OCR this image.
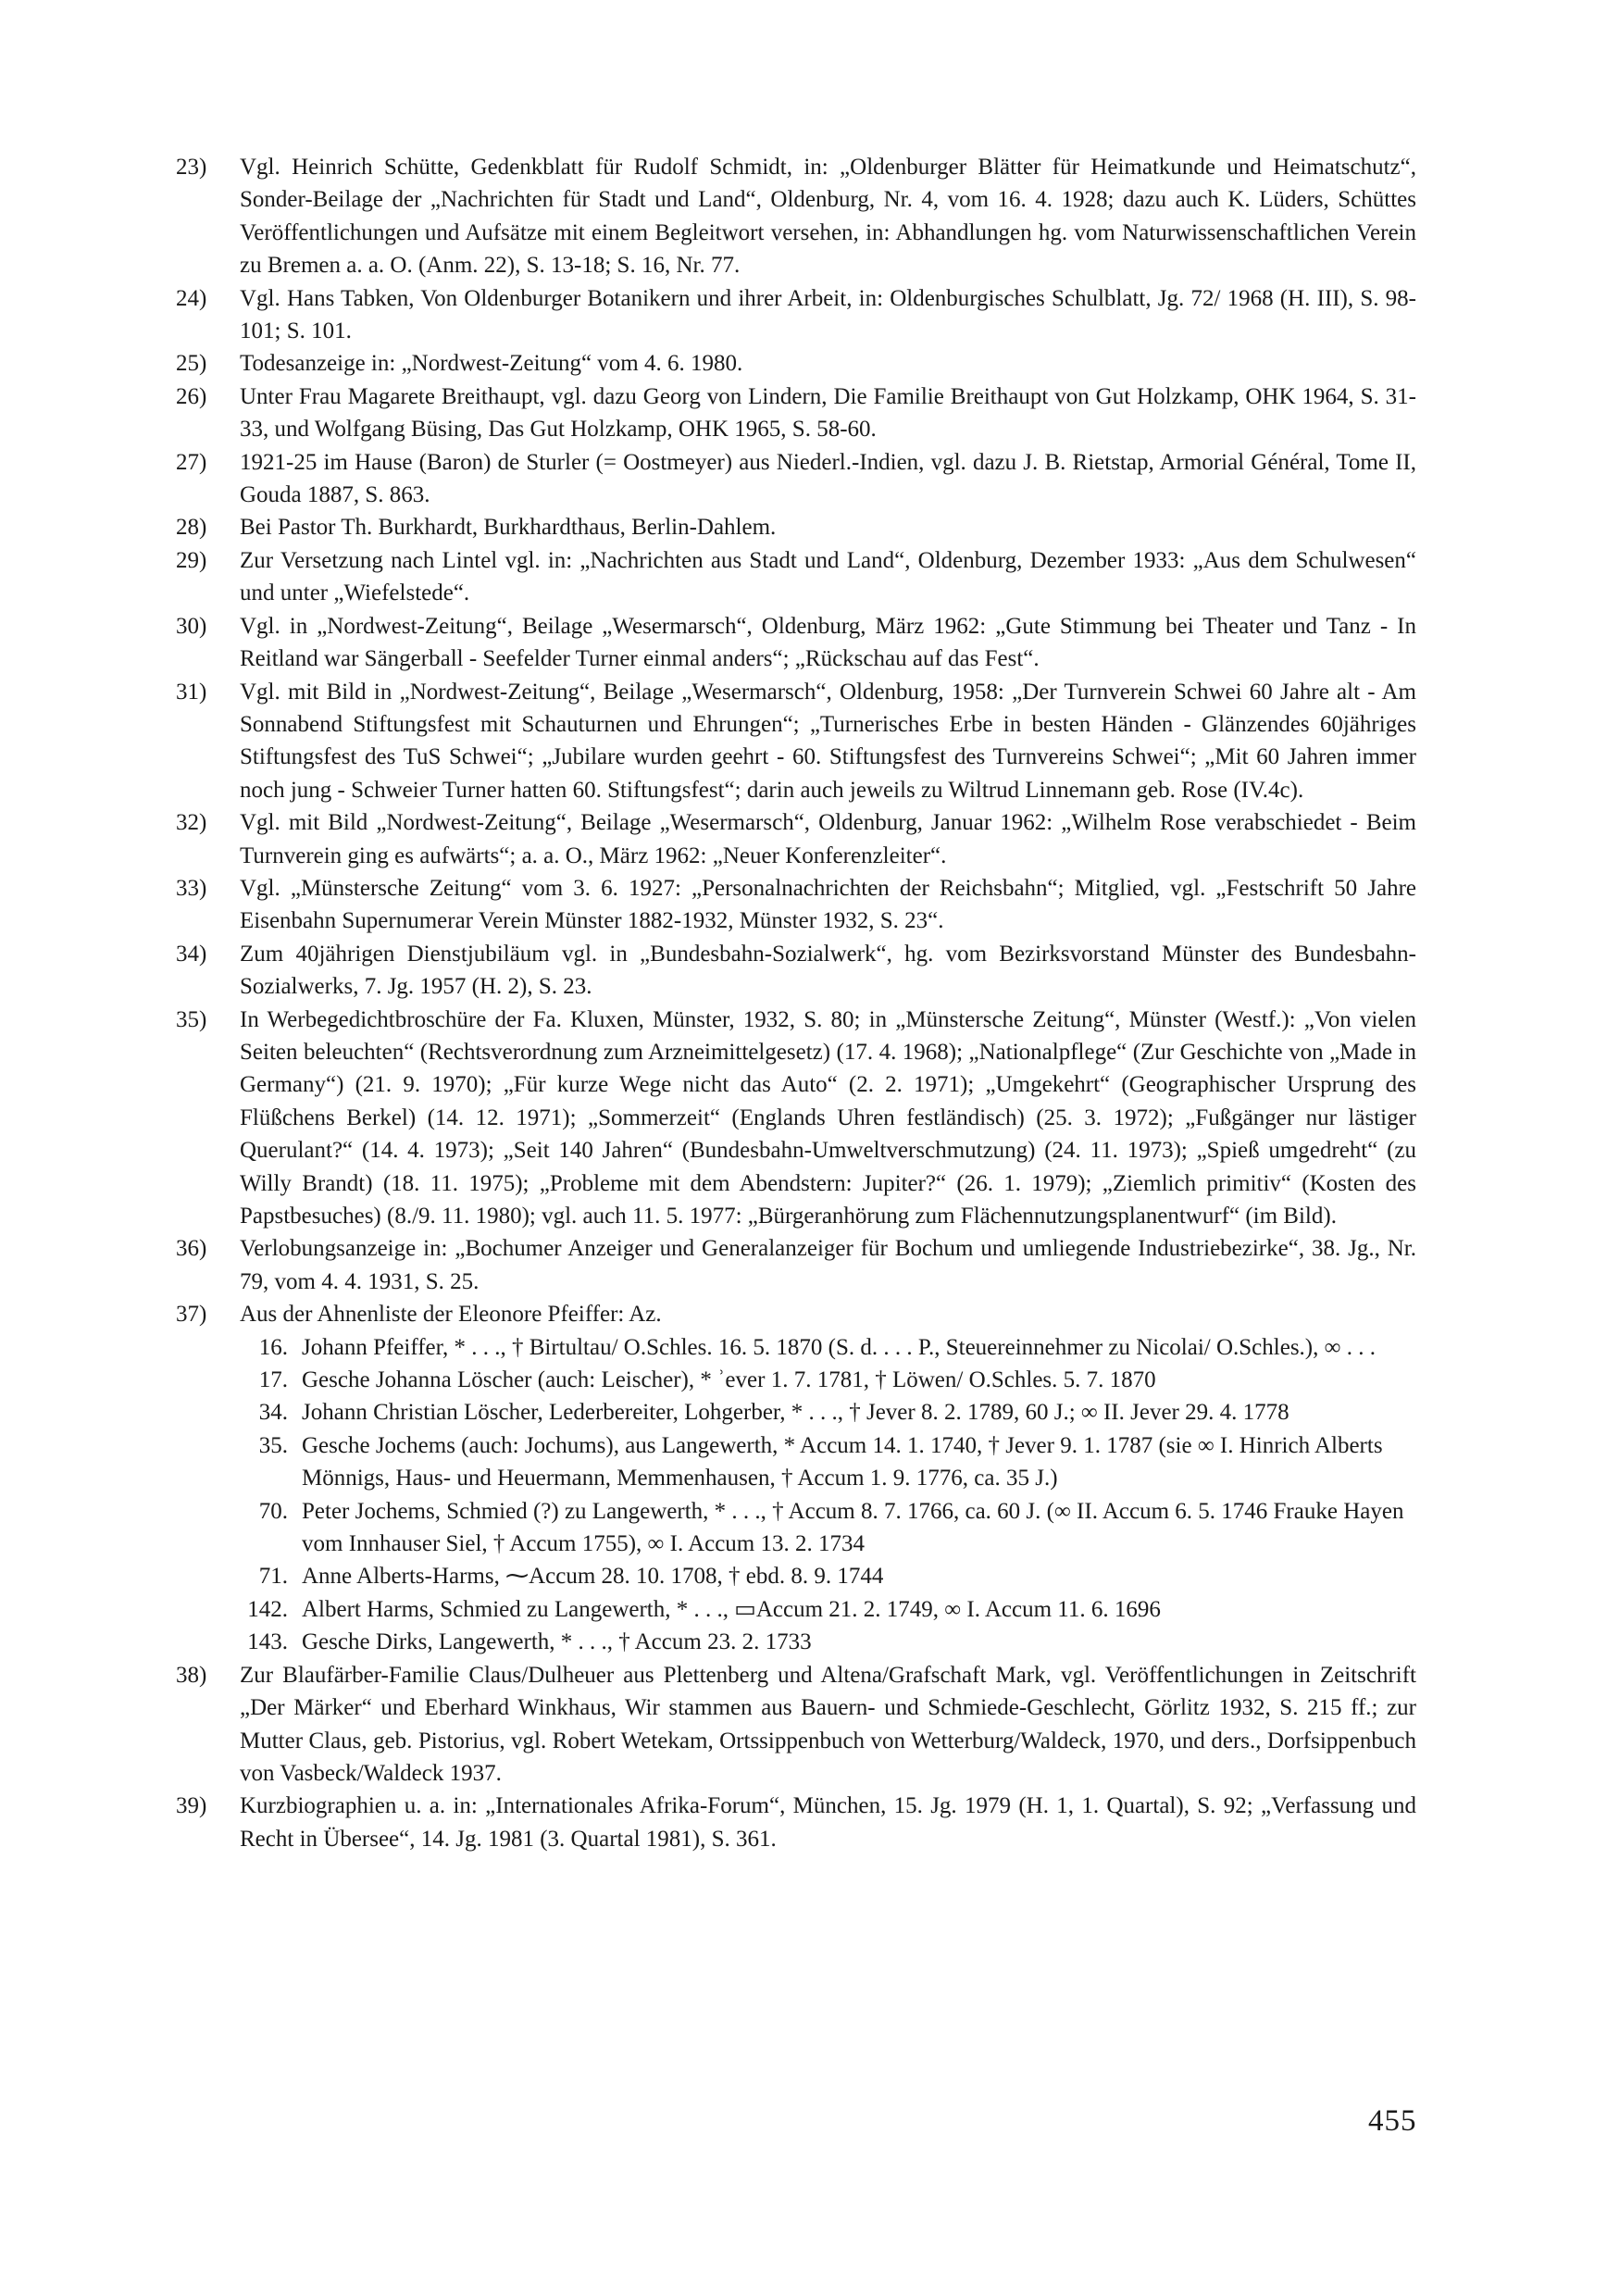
23)	Vgl. Heinrich Schütte, Gedenkblatt für Rudolf Schmidt, in: „Oldenburger Blätter für Heimatkunde und Heimatschutz“, Sonder-Beilage der „Nachrichten für Stadt und Land“, Oldenburg, Nr. 4, vom 16. 4. 1928; dazu auch K. Lüders, Schüttes Veröffentlichungen und Aufsätze mit einem Begleitwort versehen, in: Abhandlungen hg. vom Naturwissenschaftlichen Verein zu Bremen a. a. O. (Anm. 22), S. 13-18; S. 16, Nr. 77.
24)	Vgl. Hans Tabken, Von Oldenburger Botanikern und ihrer Arbeit, in: Oldenburgisches Schulblatt, Jg. 72/ 1968 (H. III), S. 98-101; S. 101.
25)	Todesanzeige in: „Nordwest-Zeitung“ vom 4. 6. 1980.
26)	Unter Frau Magarete Breithaupt, vgl. dazu Georg von Lindern, Die Familie Breithaupt von Gut Holzkamp, OHK 1964, S. 31-33, und Wolfgang Büsing, Das Gut Holzkamp, OHK 1965, S. 58-60.
27)	1921-25 im Hause (Baron) de Sturler (= Oostmeyer) aus Niederl.-Indien, vgl. dazu J. B. Rietstap, Armorial Général, Tome II, Gouda 1887, S. 863.
28)	Bei Pastor Th. Burkhardt, Burkhardthaus, Berlin-Dahlem.
29)	Zur Versetzung nach Lintel vgl. in: „Nachrichten aus Stadt und Land“, Oldenburg, Dezember 1933: „Aus dem Schulwesen“ und unter „Wiefelstede“.
30)	Vgl. in „Nordwest-Zeitung“, Beilage „Wesermarsch“, Oldenburg, März 1962: „Gute Stimmung bei Theater und Tanz - In Reitland war Sängerball - Seefelder Turner einmal anders“; „Rückschau auf das Fest“.
31)	Vgl. mit Bild in „Nordwest-Zeitung“, Beilage „Wesermarsch“, Oldenburg, 1958: „Der Turnverein Schwei 60 Jahre alt - Am Sonnabend Stiftungsfest mit Schauturnen und Ehrungen“; „Turnerisches Erbe in besten Händen - Glänzendes 60jähriges Stiftungsfest des TuS Schwei“; „Jubilare wurden geehrt - 60. Stiftungsfest des Turnvereins Schwei“; „Mit 60 Jahren immer noch jung - Schweier Turner hatten 60. Stiftungsfest“; darin auch jeweils zu Wiltrud Linnemann geb. Rose (IV.4c).
32)	Vgl. mit Bild „Nordwest-Zeitung“, Beilage „Wesermarsch“, Oldenburg, Januar 1962: „Wilhelm Rose verabschiedet - Beim Turnverein ging es aufwärts“; a. a. O., März 1962: „Neuer Konferenzleiter“.
33)	Vgl. „Münstersche Zeitung“ vom 3. 6. 1927: „Personalnachrichten der Reichsbahn“; Mitglied, vgl. „Festschrift 50 Jahre Eisenbahn Supernumerar Verein Münster 1882-1932, Münster 1932, S. 23“.
34)	Zum 40jährigen Dienstjubiläum vgl. in „Bundesbahn-Sozialwerk“, hg. vom Bezirksvorstand Münster des Bundesbahn-Sozialwerks, 7. Jg. 1957 (H. 2), S. 23.
35)	In Werbegedichtbroschüre der Fa. Kluxen, Münster, 1932, S. 80; in „Münstersche Zeitung“, Münster (Westf.): „Von vielen Seiten beleuchten“ (Rechtsverordnung zum Arzneimittelgesetz) (17. 4. 1968); „Nationalpflege“ (Zur Geschichte von „Made in Germany“) (21. 9. 1970); „Für kurze Wege nicht das Auto“ (2. 2. 1971); „Umgekehrt“ (Geographischer Ursprung des Flüßchens Berkel) (14. 12. 1971); „Sommerzeit“ (Englands Uhren festländisch) (25. 3. 1972); „Fußgänger nur lästiger Querulant?“ (14. 4. 1973); „Seit 140 Jahren“ (Bundesbahn-Umweltverschmutzung) (24. 11. 1973); „Spieß umgedreht“ (zu Willy Brandt) (18. 11. 1975); „Probleme mit dem Abendstern: Jupiter?“ (26. 1. 1979); „Ziemlich primitiv“ (Kosten des Papstbesuches) (8./9. 11. 1980); vgl. auch 11. 5. 1977: „Bürgeranhörung zum Flächennutzungsplanentwurf“ (im Bild).
36)	Verlobungsanzeige in: „Bochumer Anzeiger und Generalanzeiger für Bochum und umliegende Industriebezirke“, 38. Jg., Nr. 79, vom 4. 4. 1931, S. 25.
37)	Aus der Ahnenliste der Eleonore Pfeiffer: Az.
16. Johann Pfeiffer, * . . ., † Birtultau/ O.Schles. 16. 5. 1870 (S. d. . . . P., Steuereinnehmer zu Nicolai/ O.Schles.), ∞ . . .
17. Gesche Johanna Löscher (auch: Leischer), * ʾever 1. 7. 1781, † Löwen/ O.Schles. 5. 7. 1870
34. Johann Christian Löscher, Lederbereiter, Lohgerber, * . . ., † Jever 8. 2. 1789, 60 J.; ∞ II. Jever 29. 4. 1778
35. Gesche Jochems (auch: Jochums), aus Langewerth, * Accum 14. 1. 1740, † Jever 9. 1. 1787 (sie ∞ I. Hinrich Alberts Mönnigs, Haus- und Heuermann, Memmenhausen, † Accum 1. 9. 1776, ca. 35 J.)
70. Peter Jochems, Schmied (?) zu Langewerth, * . . ., † Accum 8. 7. 1766, ca. 60 J. (∞ II. Accum 6. 5. 1746 Frauke Hayen vom Innhauser Siel, † Accum 1755), ∞ I. Accum 13. 2. 1734
71. Anne Alberts-Harms, ⁓Accum 28. 10. 1708, † ebd. 8. 9. 1744
142. Albert Harms, Schmied zu Langewerth, * . . ., ▭Accum 21. 2. 1749, ∞ I. Accum 11. 6. 1696
143. Gesche Dirks, Langewerth, * . . ., † Accum 23. 2. 1733
38)	Zur Blaufärber-Familie Claus/Dulheuer aus Plettenberg und Altena/Grafschaft Mark, vgl. Veröffentlichungen in Zeitschrift „Der Märker“ und Eberhard Winkhaus, Wir stammen aus Bauern- und Schmiede-Geschlecht, Görlitz 1932, S. 215 ff.; zur Mutter Claus, geb. Pistorius, vgl. Robert Wetekam, Ortssippenbuch von Wetterburg/Waldeck, 1970, und ders., Dorfsippenbuch von Vasbeck/Waldeck 1937.
39)	Kurzbiographien u. a. in: „Internationales Afrika-Forum“, München, 15. Jg. 1979 (H. 1, 1. Quartal), S. 92; „Verfassung und Recht in Übersee“, 14. Jg. 1981 (3. Quartal 1981), S. 361.
455
